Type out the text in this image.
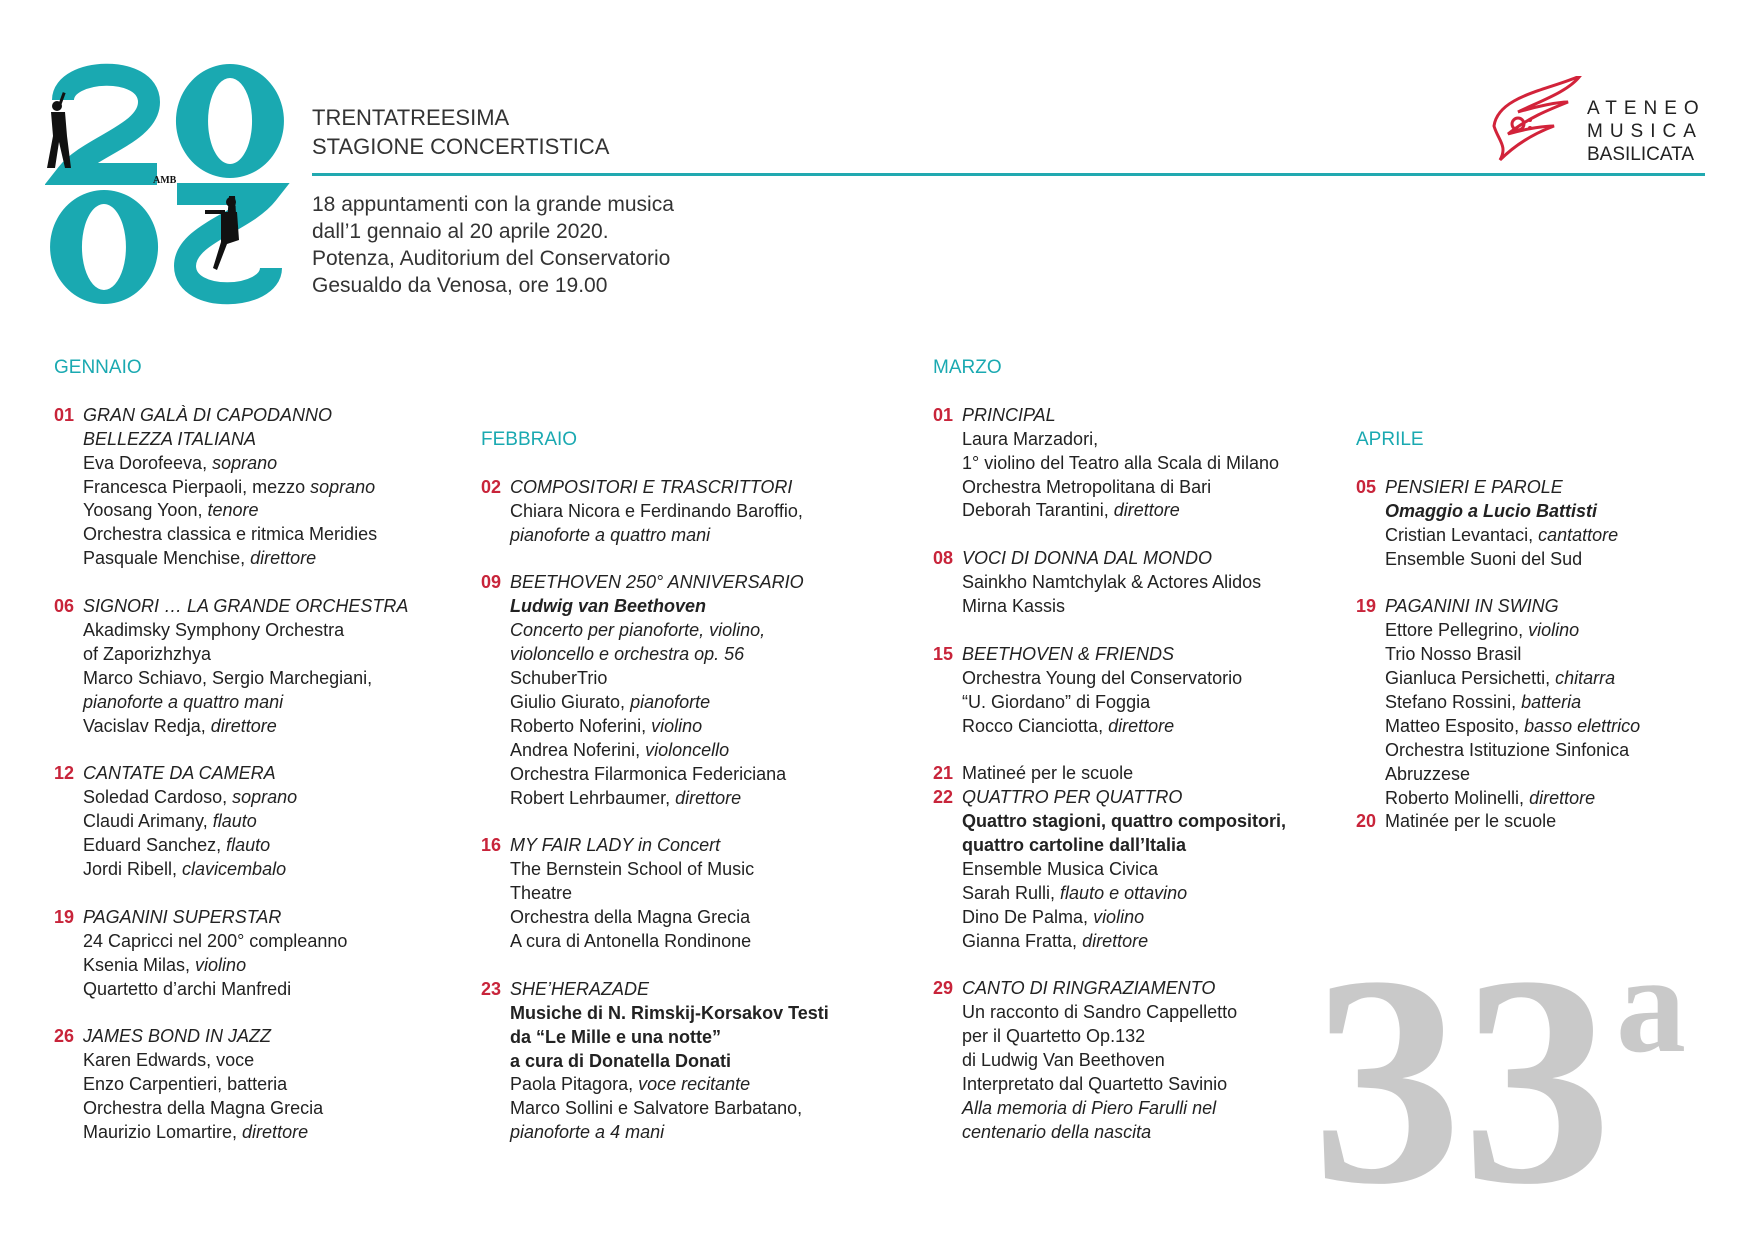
AMB
TRENTATREESIMA
STAGIONE CONCERTISTICA
18 appuntamenti con la grande musica
dall’1 gennaio al 20 aprile 2020.
Potenza, Auditorium del Conservatorio
Gesualdo da Venosa, ore 19.00
ATENEO
MUSICA
BASILICATA
GENNAIO
01 GRAN GALÀ DI CAPODANNO
BELLEZZA ITALIANA
Eva Dorofeeva, soprano
Francesca Pierpaoli, mezzo soprano
Yoosang Yoon, tenore
Orchestra classica e ritmica Meridies
Pasquale Menchise, direttore
06 SIGNORI … LA GRANDE ORCHESTRA
Akadimsky Symphony Orchestra
of Zaporizhzhya
Marco Schiavo, Sergio Marchegiani,
pianoforte a quattro mani
Vacislav Redja, direttore
12 CANTATE DA CAMERA
Soledad Cardoso, soprano
Claudi Arimany, flauto
Eduard Sanchez, flauto
Jordi Ribell, clavicembalo
19 PAGANINI SUPERSTAR
24 Capricci nel 200° compleanno
Ksenia Milas, violino
Quartetto d’archi Manfredi
26 JAMES BOND IN JAZZ
Karen Edwards, voce
Enzo Carpentieri, batteria
Orchestra della Magna Grecia
Maurizio Lomartire, direttore
FEBBRAIO
02 COMPOSITORI E TRASCRITTORI
Chiara Nicora e Ferdinando Baroffio,
pianoforte a quattro mani
09 BEETHOVEN 250° ANNIVERSARIO
Ludwig van Beethoven
Concerto per pianoforte, violino,
violoncello e orchestra op. 56
SchuberTrio
Giulio Giurato, pianoforte
Roberto Noferini, violino
Andrea Noferini, violoncello
Orchestra Filarmonica Federiciana
Robert Lehrbaumer, direttore
16 MY FAIR LADY in Concert
The Bernstein School of Music
Theatre
Orchestra della Magna Grecia
A cura di Antonella Rondinone
23 SHE’HERAZADE
Musiche di N. Rimskij-Korsakov Testi
da “Le Mille e una notte”
a cura di Donatella Donati
Paola Pitagora, voce recitante
Marco Sollini e Salvatore Barbatano,
pianoforte a 4 mani
MARZO
01 PRINCIPAL
Laura Marzadori,
1° violino del Teatro alla Scala di Milano
Orchestra Metropolitana di Bari
Deborah Tarantini, direttore
08 VOCI DI DONNA DAL MONDO
Sainkho Namtchylak & Actores Alidos
Mirna Kassis
15 BEETHOVEN & FRIENDS
Orchestra Young del Conservatorio
“U. Giordano” di Foggia
Rocco Cianciotta, direttore
21 Matineé per le scuole
22 QUATTRO PER QUATTRO
Quattro stagioni, quattro compositori,
quattro cartoline dall’Italia
Ensemble Musica Civica
Sarah Rulli, flauto e ottavino
Dino De Palma, violino
Gianna Fratta, direttore
29 CANTO DI RINGRAZIAMENTO
Un racconto di Sandro Cappelletto
per il Quartetto Op.132
di Ludwig Van Beethoven
Interpretato dal Quartetto Savinio
Alla memoria di Piero Farulli nel
centenario della nascita
APRILE
05 PENSIERI E PAROLE
Omaggio a Lucio Battisti
Cristian Levantaci, cantattore
Ensemble Suoni del Sud
19 PAGANINI IN SWING
Ettore Pellegrino, violino
Trio Nosso Brasil
Gianluca Persichetti, chitarra
Stefano Rossini, batteria
Matteo Esposito, basso elettrico
Orchestra Istituzione Sinfonica
Abruzzese
Roberto Molinelli, direttore
20 Matinée per le scuole
33a
